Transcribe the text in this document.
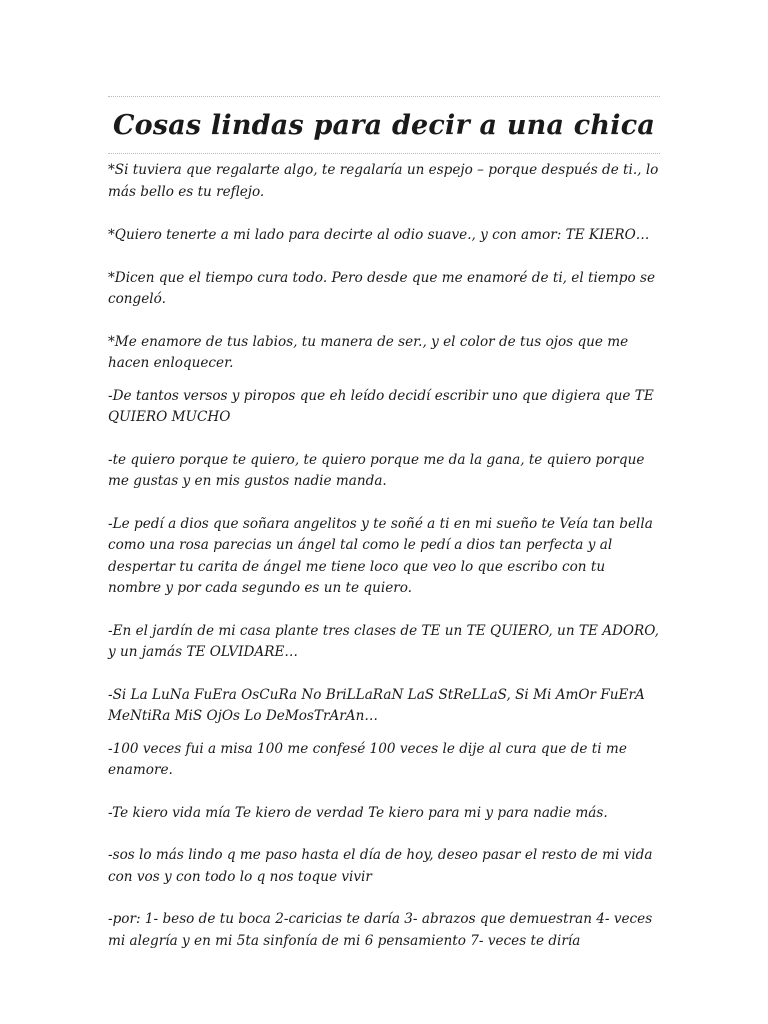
Cosas lindas para decir a una chica

*Si tuviera que regalarte algo, te regalaría un espejo – porque después de ti., lo más bello es tu reflejo.

*Quiero tenerte a mi lado para decirte al odio suave., y con amor: TE KIERO…

*Dicen que el tiempo cura todo. Pero desde que me enamoré de ti, el tiempo se congeló.

*Me enamore de tus labios, tu manera de ser., y el color de tus ojos que me hacen enloquecer.

-De tantos versos y piropos que eh leído decidí escribir uno que digiera que TE QUIERO MUCHO

-te quiero porque te quiero, te quiero porque me da la gana, te quiero porque me gustas y en mis gustos nadie manda.

-Le pedí a dios que soñara angelitos y te soñé a ti en mi sueño te Veía tan bella como una rosa parecias un ángel tal como le pedí a dios tan perfecta y al despertar tu carita de ángel me tiene loco que veo lo que escribo con tu nombre y por cada segundo es un te quiero.

-En el jardín de mi casa plante tres clases de TE un TE QUIERO, un TE ADORO, y un jamás TE OLVIDARE…

-Si La LuNa FuEra OsCuRa No BriLLaRaN LaS StReLLaS, Si Mi AmOr FuErA MeNtiRa MiS OjOs Lo DeMosTrArAn…

-100 veces fui a misa 100 me confesé 100 veces le dije al cura que de ti me enamore.

-Te kiero vida mía Te kiero de verdad Te kiero para mi y para nadie más.

-sos lo más lindo q me paso hasta el día de hoy, deseo pasar el resto de mi vida con vos y con todo lo q nos toque vivir

-por: 1- beso de tu boca 2-caricias te daría 3- abrazos que demuestran 4- veces mi alegría y en mi 5ta sinfonía de mi 6 pensamiento 7- veces te diría
